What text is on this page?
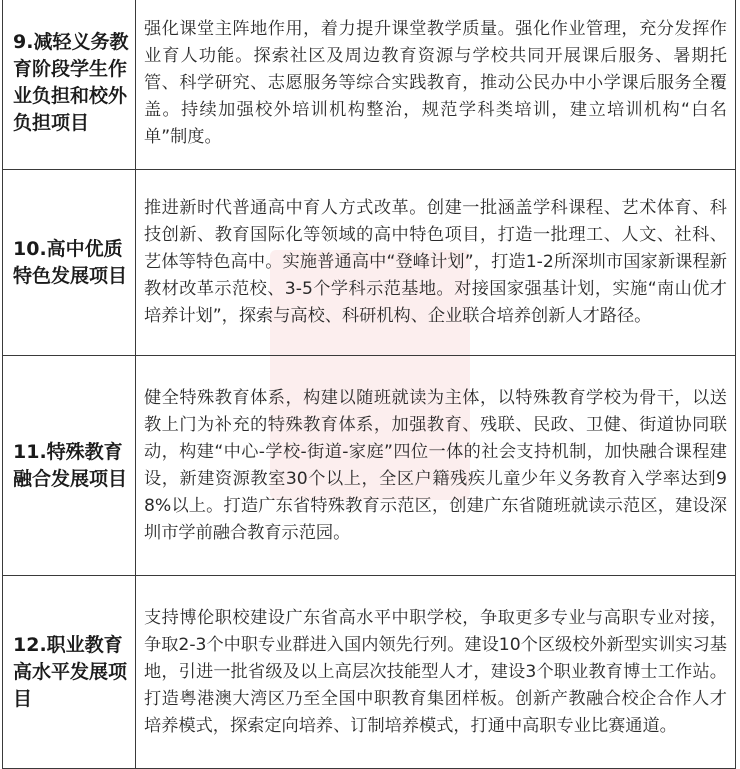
9.减轻义务教育阶段学生作业负担和校外负担项目	强化课堂主阵地作用，着力提升课堂教学质量。强化作业管理，充分发挥作业育人功能。探索社区及周边教育资源与学校共同开展课后服务、暑期托管、科学研究、志愿服务等综合实践教育，推动公民办中小学课后服务全覆盖。持续加强校外培训机构整治，规范学科类培训，建立培训机构“白名单”制度。
10.高中优质特色发展项目	推进新时代普通高中育人方式改革。创建一批涵盖学科课程、艺术体育、科技创新、教育国际化等领域的高中特色项目，打造一批理工、人文、社科、艺体等特色高中。实施普通高中“登峰计划”，打造1-2所深圳市国家新课程新教材改革示范校、3-5个学科示范基地。对接国家强基计划，实施“南山优才培养计划”，探索与高校、科研机构、企业联合培养创新人才路径。
11.特殊教育融合发展项目	健全特殊教育体系，构建以随班就读为主体，以特殊教育学校为骨干，以送教上门为补充的特殊教育体系，加强教育、残联、民政、卫健、街道协同联动，构建“中心-学校-街道-家庭”四位一体的社会支持机制，加快融合课程建设，新建资源教室30个以上，全区户籍残疾儿童少年义务教育入学率达到98%以上。打造广东省特殊教育示范区，创建广东省随班就读示范区，建设深圳市学前融合教育示范园。
12.职业教育高水平发展项目	支持博伦职校建设广东省高水平中职学校，争取更多专业与高职专业对接，争取2-3个中职专业群进入国内领先行列。建设10个区级校外新型实训实习基地，引进一批省级及以上高层次技能型人才，建设3个职业教育博士工作站。打造粤港澳大湾区乃至全国中职教育集团样板。创新产教融合校企合作人才培养模式，探索定向培养、订制培养模式，打通中高职专业比赛通道。
